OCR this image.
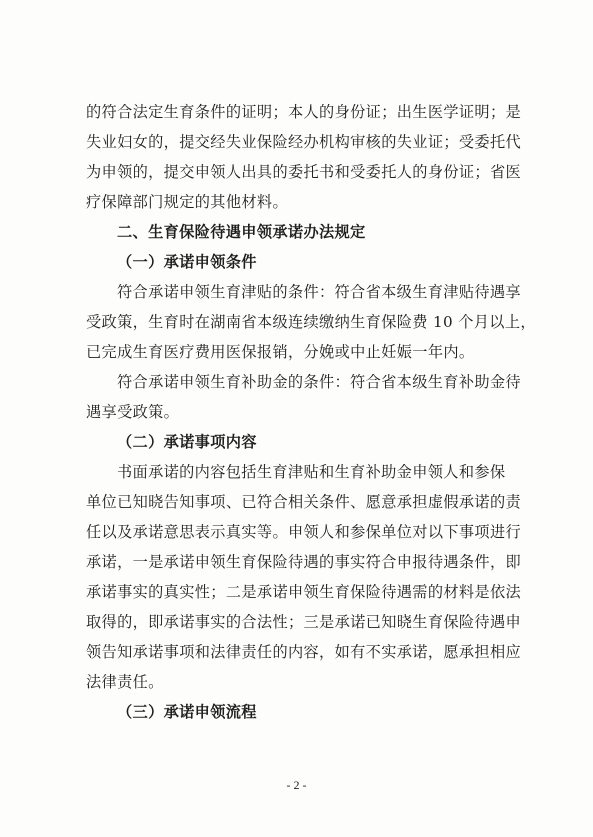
的符合法定生育条件的证明；本人的身份证；出生医学证明；是
失业妇女的，提交经失业保险经办机构审核的失业证；受委托代
为申领的，提交申领人出具的委托书和受委托人的身份证；省医
疗保障部门规定的其他材料。
二、生育保险待遇申领承诺办法规定
（一）承诺申领条件
符合承诺申领生育津贴的条件：符合省本级生育津贴待遇享
受政策，生育时在湖南省本级连续缴纳生育保险费 10 个月以上，
已完成生育医疗费用医保报销，分娩或中止妊娠一年内。
符合承诺申领生育补助金的条件：符合省本级生育补助金待
遇享受政策。
（二）承诺事项内容
书面承诺的内容包括生育津贴和生育补助金申领人和参保
单位已知晓告知事项、已符合相关条件、愿意承担虚假承诺的责
任以及承诺意思表示真实等。申领人和参保单位对以下事项进行
承诺，一是承诺申领生育保险待遇的事实符合申报待遇条件，即
承诺事实的真实性；二是承诺申领生育保险待遇需的材料是依法
取得的，即承诺事实的合法性；三是承诺已知晓生育保险待遇申
领告知承诺事项和法律责任的内容，如有不实承诺，愿承担相应
法律责任。
（三）承诺申领流程
- 2 -
